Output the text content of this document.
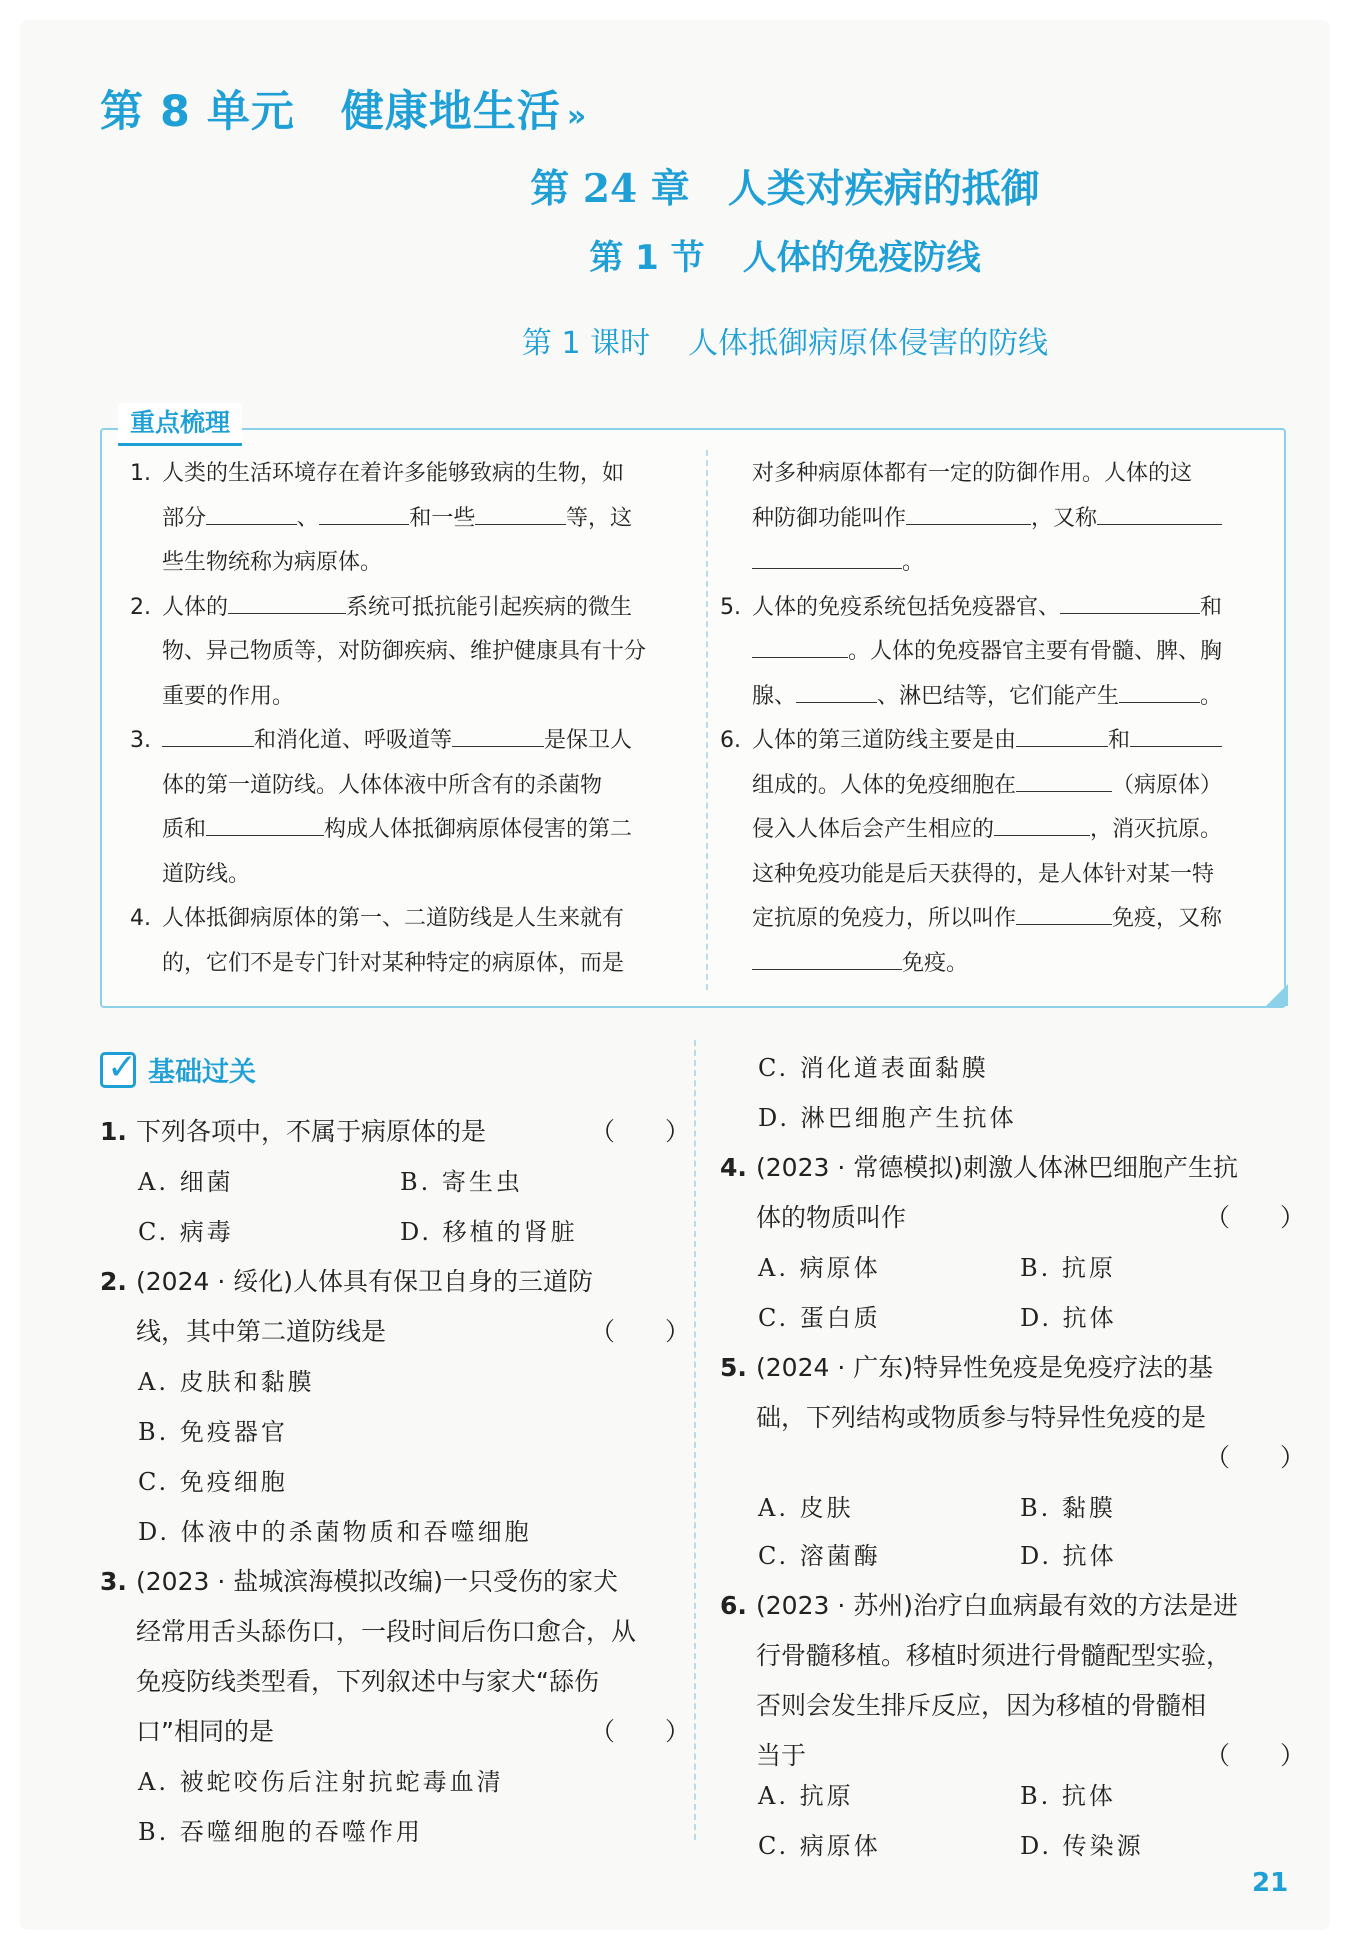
第 8 单元 健康地生活 »
第 24 章 人类对疾病的抵御
第 1 节 人体的免疫防线
第 1 课时 人体抵御病原体侵害的防线
重点梳理
1. 人类的生活环境存在着许多能够致病的生物，如
部分	、	和一些	等，这
些生物统称为病原体。
2. 人体的	系统可抵抗能引起疾病的微生
物、异己物质等，对防御疾病、维护健康具有十分
重要的作用。
3.	和消化道、呼吸道等	是保卫人
体的第一道防线。人体体液中所含有的杀菌物
质和	构成人体抵御病原体侵害的第二
道防线。
4. 人体抵御病原体的第一、二道防线是人生来就有
的，它们不是专门针对某种特定的病原体，而是
对多种病原体都有一定的防御作用。人体的这
种防御功能叫作	，又称
。
5. 人体的免疫系统包括免疫器官、	和
。人体的免疫器官主要有骨髓、脾、胸
腺、	、淋巴结等，它们能产生	。
6. 人体的第三道防线主要是由	和
组成的。人体的免疫细胞在	（病原体）
侵入人体后会产生相应的	，消灭抗原。
这种免疫功能是后天获得的，是人体针对某一特
定抗原的免疫力，所以叫作	免疫，又称
免疫。
✓ 基础过关
1. 下列各项中，不属于病原体的是	（　　）
A. 细菌	B. 寄生虫
C. 病毒	D. 移植的肾脏
2. (2024 · 绥化)人体具有保卫自身的三道防
线，其中第二道防线是	（　　）
A. 皮肤和黏膜
B. 免疫器官
C. 免疫细胞
D. 体液中的杀菌物质和吞噬细胞
3. (2023 · 盐城滨海模拟改编)一只受伤的家犬
经常用舌头舔伤口，一段时间后伤口愈合，从
免疫防线类型看，下列叙述中与家犬“舔伤
口”相同的是	（　　）
A. 被蛇咬伤后注射抗蛇毒血清
B. 吞噬细胞的吞噬作用
C. 消化道表面黏膜
D. 淋巴细胞产生抗体
4. (2023 · 常德模拟)刺激人体淋巴细胞产生抗
体的物质叫作	（　　）
A. 病原体	B. 抗原
C. 蛋白质	D. 抗体
5. (2024 · 广东)特异性免疫是免疫疗法的基
础，下列结构或物质参与特异性免疫的是
（　　）
A. 皮肤	B. 黏膜
C. 溶菌酶	D. 抗体
6. (2023 · 苏州)治疗白血病最有效的方法是进
行骨髓移植。移植时须进行骨髓配型实验，
否则会发生排斥反应，因为移植的骨髓相
当于	（　　）
A. 抗原	B. 抗体
C. 病原体	D. 传染源
21
